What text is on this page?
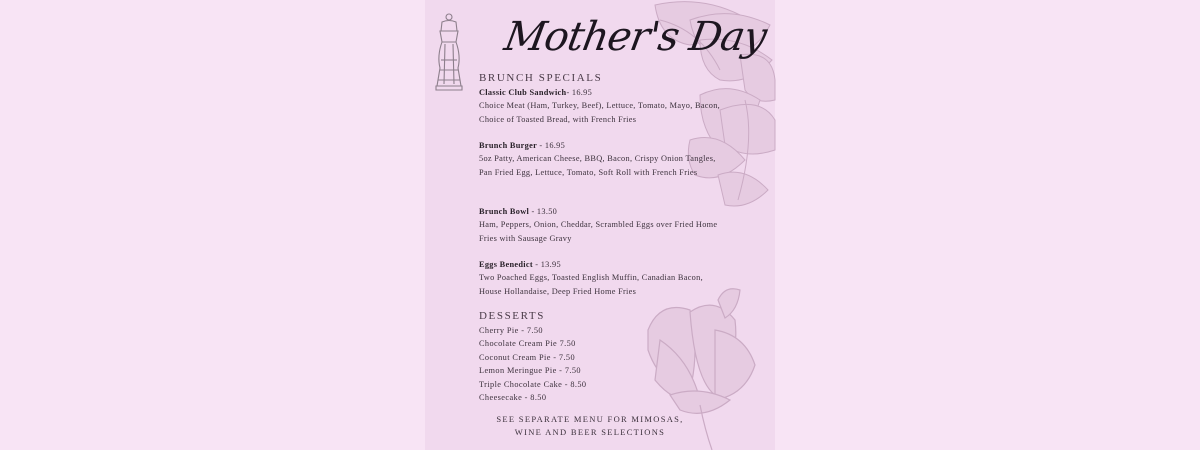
Mother's Day
BRUNCH SPECIALS
Classic Club Sandwich- 16.95
Choice Meat (Ham, Turkey, Beef), Lettuce, Tomato, Mayo, Bacon, Choice of Toasted Bread, with French Fries
Brunch Burger - 16.95
5oz Patty, American Cheese, BBQ, Bacon, Crispy Onion Tangles, Pan Fried Egg, Lettuce, Tomato, Soft Roll with French Fries
Brunch Bowl - 13.50
Ham, Peppers, Onion, Cheddar, Scrambled Eggs over Fried Home Fries with Sausage Gravy
Eggs Benedict - 13.95
Two Poached Eggs, Toasted English Muffin, Canadian Bacon, House Hollandaise, Deep Fried Home Fries
DESSERTS
Cherry Pie - 7.50
Chocolate Cream Pie 7.50
Coconut Cream Pie - 7.50
Lemon Meringue Pie - 7.50
Triple Chocolate Cake - 8.50
Cheesecake - 8.50
SEE SEPARATE MENU FOR MIMOSAS,
WINE AND BEER SELECTIONS
